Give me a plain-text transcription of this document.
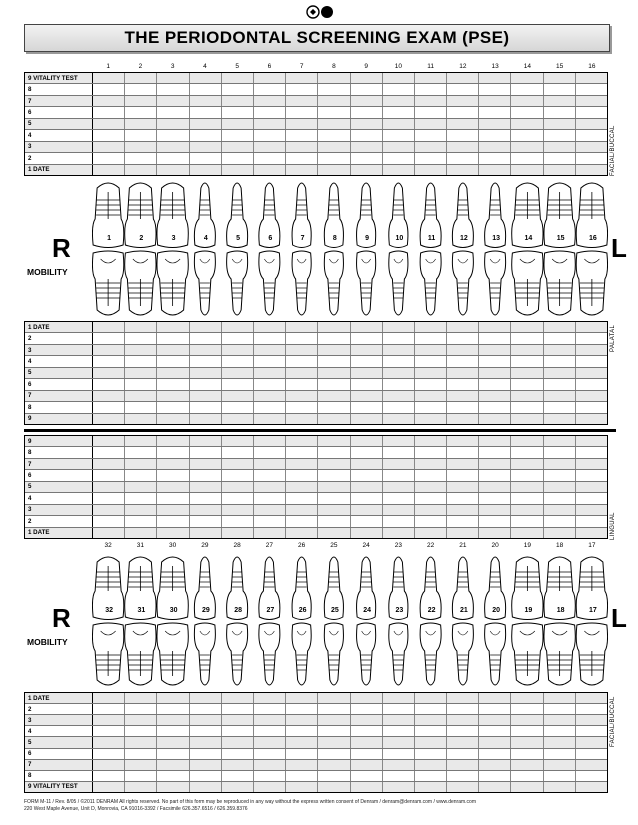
THE PERIODONTAL SCREENING EXAM (PSE)
1	2	3	4	5	6	7	8	9	10	11	12	13	14	15	16
9 VITALITY TEST
8
7
6
5
4
3
2
1 DATE	FACIAL/BUCCAL
1	2	3	4	5	6	7	8	9	10	11	12	13	14	15	16
R	L
MOBILITY
1 DATE
2
3
4
5
6
7
8
9
PALATAL
9
8
7
6
5
4
3
2
1 DATE	LINGUAL
32	31	30	29	28	27	26	25	24	23	22	21	20	19	18	17
32	31	30	29	28	27	26	25	24	23	22	21	20	19	18	17
R	L
MOBILITY
1 DATE
2
3
4
5
6
7
8
9 VITALITY TEST
FACIAL/BUCCAL
FORM M-11 / Rev. 8/05 / ©2011 DENRAM All rights reserved. No part of this form may be reproduced in any way without the express written consent of Denram / denram@denram.com / www.denram.com
220 West Maple Avenue, Unit D, Monrovia, CA 91016-3392 / Facsimile 626.357.6516 / 626.359.8376
